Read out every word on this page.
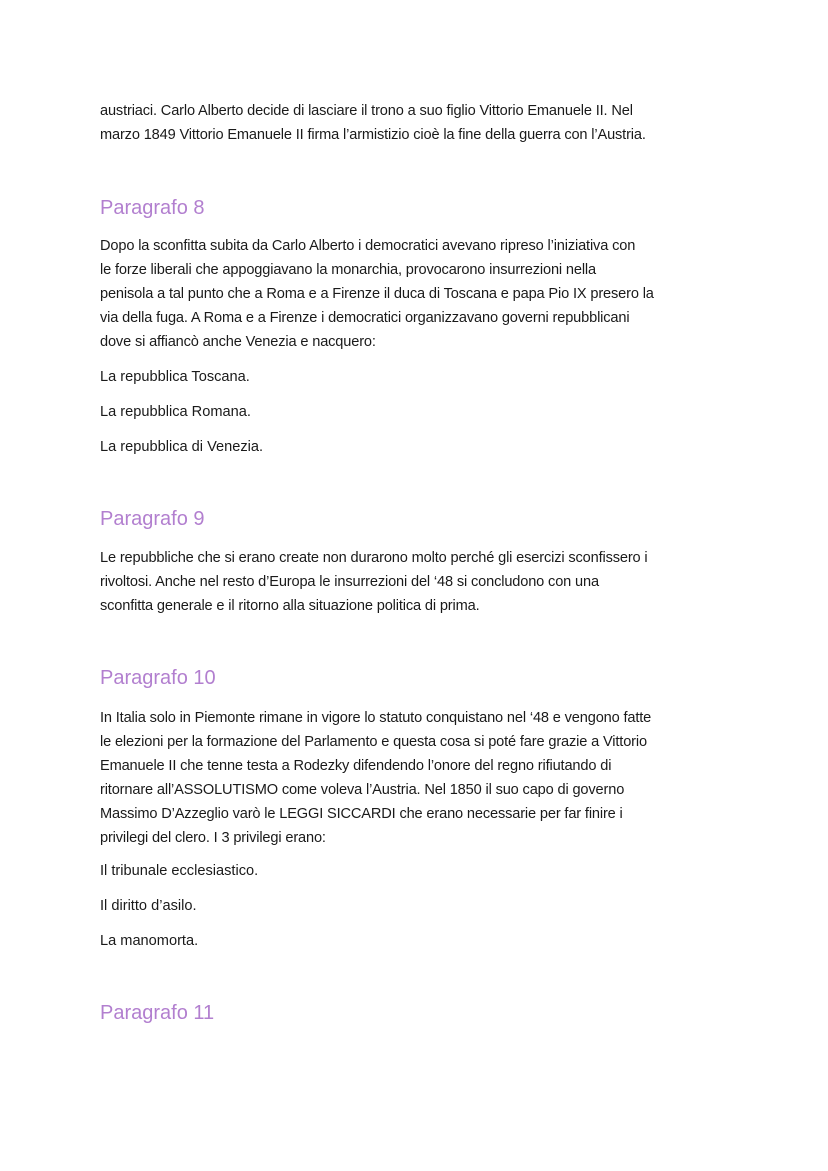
austriaci. Carlo Alberto decide di lasciare il trono a suo figlio Vittorio Emanuele II. Nel

marzo 1849 Vittorio Emanuele II firma l’armistizio cioè la fine della guerra con l’Austria.

Paragrafo 8

Dopo la sconfitta subita da Carlo Alberto i democratici avevano ripreso l’iniziativa con

le forze liberali che appoggiavano la monarchia, provocarono insurrezioni nella

penisola a tal punto che a Roma e a Firenze il duca di Toscana e papa Pio IX presero la

via della fuga. A Roma e a Firenze i democratici organizzavano governi repubblicani

dove si affiancò anche Venezia e nacquero:

La repubblica Toscana.

La repubblica Romana.

La repubblica di Venezia.

Paragrafo 9

Le repubbliche che si erano create non durarono molto perché gli esercizi sconfissero i

rivoltosi. Anche nel resto d’Europa le insurrezioni del ‘48 si concludono con una

sconfitta generale e il ritorno alla situazione politica di prima.

Paragrafo 10

In Italia solo in Piemonte rimane in vigore lo statuto conquistano nel ‘48 e vengono fatte

le elezioni per la formazione del Parlamento e questa cosa si poté fare grazie a Vittorio

Emanuele II che tenne testa a Rodezky difendendo l’onore del regno rifiutando di

ritornare all’ASSOLUTISMO come voleva l’Austria. Nel 1850 il suo capo di governo

Massimo D’Azzeglio varò le LEGGI SICCARDI che erano necessarie per far finire i

privilegi del clero. I 3 privilegi erano:

Il tribunale ecclesiastico.

Il diritto d’asilo.

La manomorta.

Paragrafo 11
